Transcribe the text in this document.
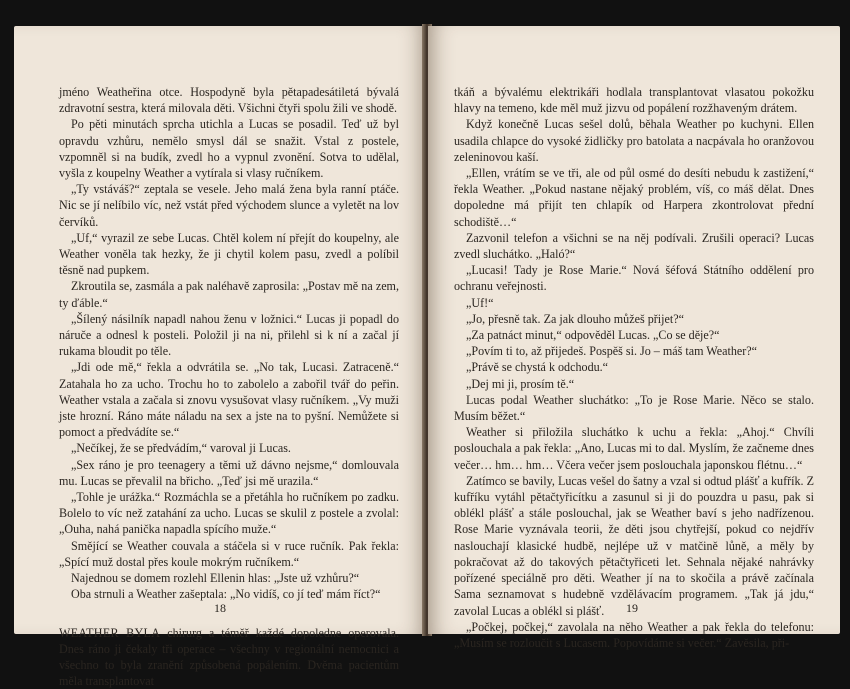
jméno Weatheřina otce. Hospodyně byla pětapadesátiletá bývalá zdravotní sestra, která milovala děti. Všichni čtyři spolu žili ve shodě.

Po pěti minutách sprcha utichla a Lucas se posadil. Teď už byl opravdu vzhůru, nemělo smysl dál se snažit. Vstal z postele, vzpomněl si na budík, zvedl ho a vypnul zvonění. Sotva to udělal, vyšla z koupelny Weather a vytírala si vlasy ručníkem.

„Ty vstáváš?“ zeptala se vesele. Jeho malá žena byla ranní ptáče. Nic se jí nelíbilo víc, než vstát před východem slunce a vyletět na lov červíků.

„Uf,“ vyrazil ze sebe Lucas. Chtěl kolem ní přejít do koupelny, ale Weather voněla tak hezky, že ji chytil kolem pasu, zvedl a políbil těsně nad pupkem.

Zkroutila se, zasmála a pak naléhavě zaprosila: „Postav mě na zem, ty ďáble.“

„Šílený násilník napadl nahou ženu v ložnici.“ Lucas ji popadl do náruče a odnesl k posteli. Položil ji na ni, přilehl si k ní a začal jí rukama bloudit po těle.

„Jdi ode mě,“ řekla a odvrátila se. „No tak, Lucasi. Zatraceně.“ Zatahala ho za ucho. Trochu ho to zabolelo a zabořil tvář do peřin. Weather vstala a začala si znovu vysušovat vlasy ručníkem. „Vy muži jste hrozní. Ráno máte náladu na sex a jste na to pyšní. Nemůžete si pomoct a předvádíte se.“

„Nečíkej, že se předvádím,“ varoval ji Lucas.

„Sex ráno je pro teenagery a těmi už dávno nejsme,“ domlouvala mu. Lucas se převalil na břicho. „Teď jsi mě urazila.“

„Tohle je urážka.“ Rozmáchla se a přetáhla ho ručníkem po zadku. Bolelo to víc než zatahání za ucho. Lucas se skulil z postele a zvolal: „Ouha, nahá panička napadla spícího muže.“

Smějící se Weather couvala a stáčela si v ruce ručník. Pak řekla: „Spící muž dostal přes koule mokrým ručníkem.“

Najednou se domem rozlehl Ellenin hlas: „Jste už vzhůru?“

Oba strnuli a Weather zašeptala: „No vidíš, co jí teď mám říct?“

WEATHER BYLA chirurg a téměř každé dopoledne operovala. Dnes ráno ji čekaly tři operace – všechny v regionální nemocnici a všechno to byla zranění způsobená popálením. Dvěma pacientům měla transplantovat

18

tkáň a bývalému elektrikáři hodlala transplantovat vlasatou pokožku hlavy na temeno, kde měl muž jizvu od popálení rozžhaveným drátem.

Když konečně Lucas sešel dolů, běhala Weather po kuchyni. Ellen usadila chlapce do vysoké židličky pro batolata a nacpávala ho oranžovou zeleninovou kaší.

„Ellen, vrátím se ve tři, ale od půl osmé do desíti nebudu k zastižení,“ řekla Weather. „Pokud nastane nějaký problém, víš, co máš dělat. Dnes dopoledne má přijít ten chlapík od Harpera zkontrolovat přední schodiště…“

Zazvonil telefon a všichni se na něj podívali. Zrušili operaci? Lucas zvedl sluchátko. „Haló?“

„Lucasi! Tady je Rose Marie.“ Nová šéfová Státního oddělení pro ochranu veřejnosti.

„Uf!“

„Jo, přesně tak. Za jak dlouho můžeš přijet?“

„Za patnáct minut,“ odpověděl Lucas. „Co se děje?“

„Povím ti to, až přijedeš. Pospěš si. Jo – máš tam Weather?“

„Právě se chystá k odchodu.“

„Dej mi ji, prosím tě.“

Lucas podal Weather sluchátko: „To je Rose Marie. Něco se stalo. Musím běžet.“

Weather si přiložila sluchátko k uchu a řekla: „Ahoj.“ Chvíli poslouchala a pak řekla: „Ano, Lucas mi to dal. Myslím, že začneme dnes večer… hm… hm… Včera večer jsem poslouchala japonskou flétnu…“

Zatímco se bavily, Lucas vešel do šatny a vzal si odtud plášť a kufřík. Z kufříku vytáhl pětačtyřicítku a zasunul si ji do pouzdra u pasu, pak si oblékl plášť a stále poslouchal, jak se Weather baví s jeho nadřízenou. Rose Marie vyznávala teorii, že děti jsou chytřejší, pokud co nejdřív naslouchají klasické hudbě, nejlépe už v matčině lůně, a měly by pokračovat až do takových pětačtyřiceti let. Sehnala nějaké nahrávky pořízené speciálně pro děti. Weather jí na to skočila a právě začínala Sama seznamovat s hudebně vzdělávacím programem. „Tak já jdu,“ zavolal Lucas a oblékl si plášť.

„Počkej, počkej,“ zavolala na něho Weather a pak řekla do telefonu: „Musím se rozloučit s Lucasem. Popovídáme si večer.“ Zavěsila, při-

19
